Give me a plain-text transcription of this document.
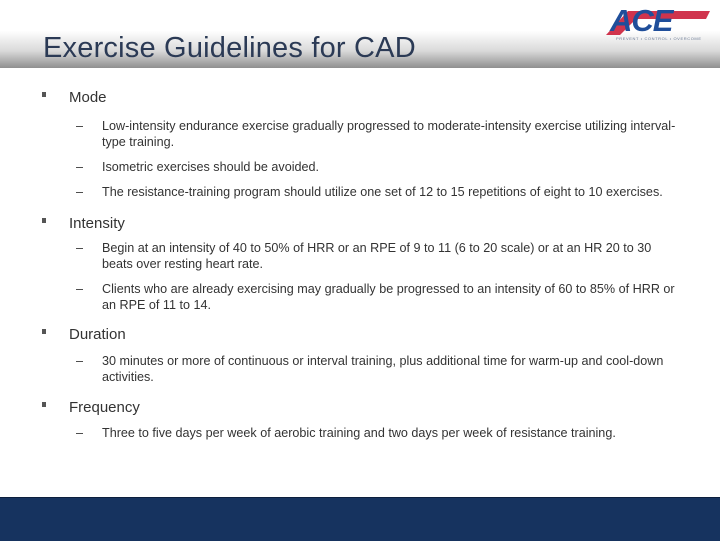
Exercise Guidelines for CAD
ACE
PREVENT • CONTROL • OVERCOME
Mode
– Low-intensity endurance exercise gradually progressed to moderate-intensity exercise utilizing interval-type training.
– Isometric exercises should be avoided.
– The resistance-training program should utilize one set of 12 to 15 repetitions of eight to 10 exercises.
Intensity
– Begin at an intensity of 40 to 50% of HRR or an RPE of 9 to 11 (6 to 20 scale) or at an HR 20 to 30 beats over resting heart rate.
– Clients who are already exercising may gradually be progressed to an intensity of 60 to 85% of HRR or an RPE of 11 to 14.
Duration
– 30 minutes or more of continuous or interval training, plus additional time for warm-up and cool-down activities.
Frequency
– Three to five days per week of aerobic training and two days per week of resistance training.
